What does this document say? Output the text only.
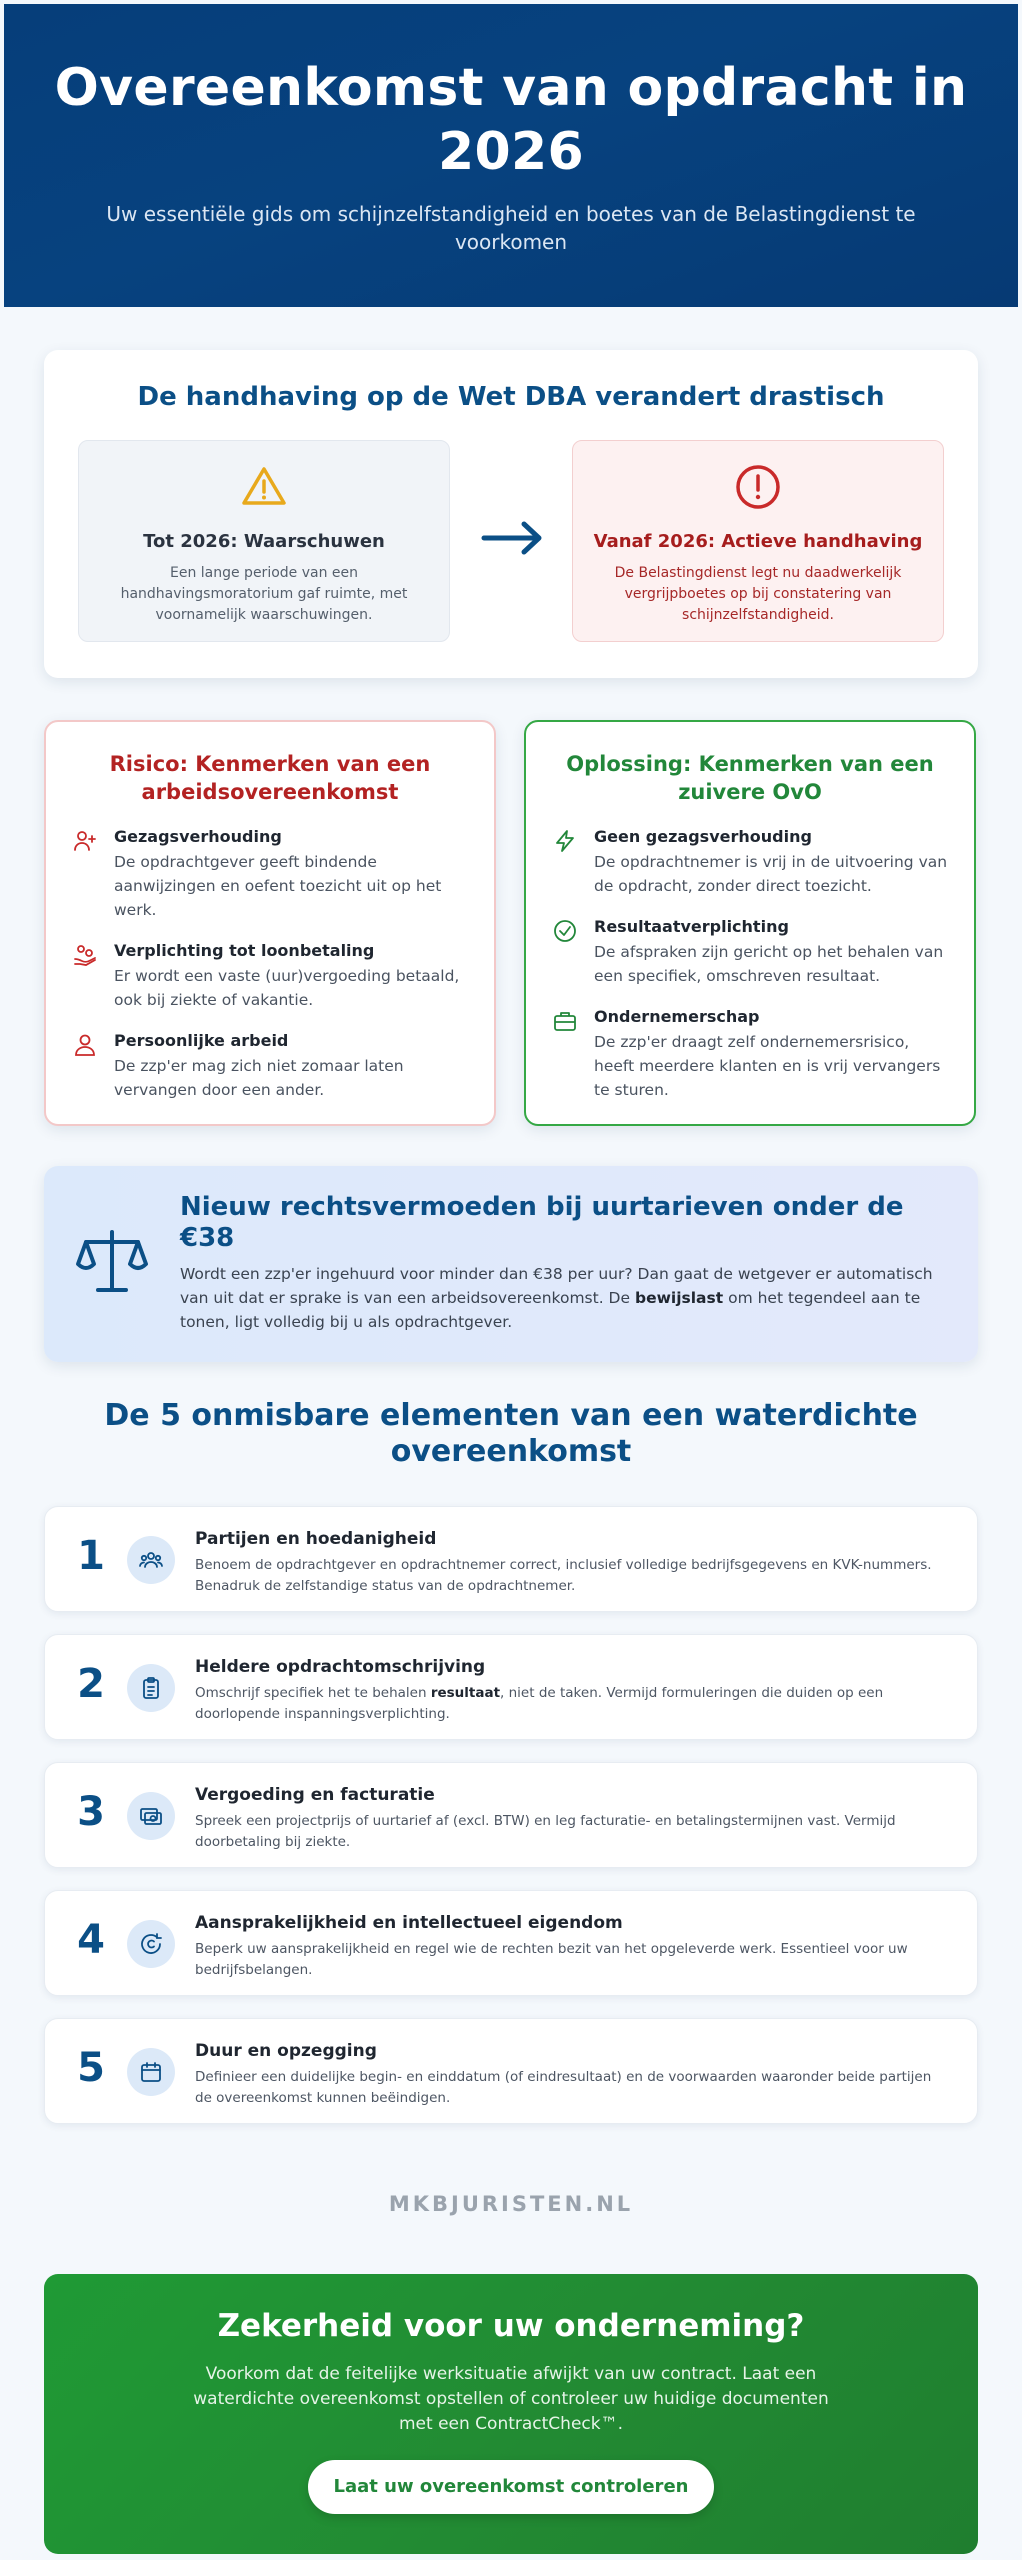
Overeenkomst van opdracht in 2026

Uw essentiële gids om schijnzelfstandigheid en boetes van de Belastingdienst te voorkomen

De handhaving op de Wet DBA verandert drastisch
Tot 2026: Waarschuwen

Een lange periode van een handhavingsmoratorium gaf ruimte, met voornamelijk waarschuwingen.

Vanaf 2026: Actieve handhaving

De Belastingdienst legt nu daadwerkelijk vergrijpboetes op bij constatering van schijnzelfstandigheid.

Risico: Kenmerken van een arbeidsovereenkomst
Gezagsverhouding

De opdrachtgever geeft bindende aanwijzingen en oefent toezicht uit op het werk.

Verplichting tot loonbetaling

Er wordt een vaste (uur)vergoeding betaald, ook bij ziekte of vakantie.

Persoonlijke arbeid

De zzp'er mag zich niet zomaar laten vervangen door een ander.

Oplossing: Kenmerken van een zuivere OvO
Geen gezagsverhouding

De opdrachtnemer is vrij in de uitvoering van de opdracht, zonder direct toezicht.

Resultaatverplichting

De afspraken zijn gericht op het behalen van een specifiek, omschreven resultaat.

Ondernemerschap

De zzp'er draagt zelf ondernemersrisico, heeft meerdere klanten en is vrij vervangers te sturen.

Nieuw rechtsvermoeden bij uurtarieven onder de €38

Wordt een zzp'er ingehuurd voor minder dan €38 per uur? Dan gaat de wetgever er automatisch van uit dat er sprake is van een arbeidsovereenkomst. De bewijslast om het tegendeel aan te tonen, ligt volledig bij u als opdrachtgever.

De 5 onmisbare elementen van een waterdichte overeenkomst
1	Partijen en hoedanigheid

Benoem de opdrachtgever en opdrachtnemer correct, inclusief volledige bedrijfsgegevens en KVK-nummers. Benadruk de zelfstandige status van de opdrachtnemer.

2	Heldere opdrachtomschrijving

Omschrijf specifiek het te behalen resultaat, niet de taken. Vermijd formuleringen die duiden op een doorlopende inspanningsverplichting.

3	Vergoeding en facturatie

Spreek een projectprijs of uurtarief af (excl. BTW) en leg facturatie- en betalingstermijnen vast. Vermijd doorbetaling bij ziekte.

4	Aansprakelijkheid en intellectueel eigendom

Beperk uw aansprakelijkheid en regel wie de rechten bezit van het opgeleverde werk. Essentieel voor uw bedrijfsbelangen.

5	Duur en opzegging

Definieer een duidelijke begin- en einddatum (of eindresultaat) en de voorwaarden waaronder beide partijen de overeenkomst kunnen beëindigen.

MKBJURISTEN.NL
Zekerheid voor uw onderneming?

Voorkom dat de feitelijke werksituatie afwijkt van uw contract. Laat een waterdichte overeenkomst opstellen of controleer uw huidige documenten met een ContractCheck™.

Laat uw overeenkomst controleren
